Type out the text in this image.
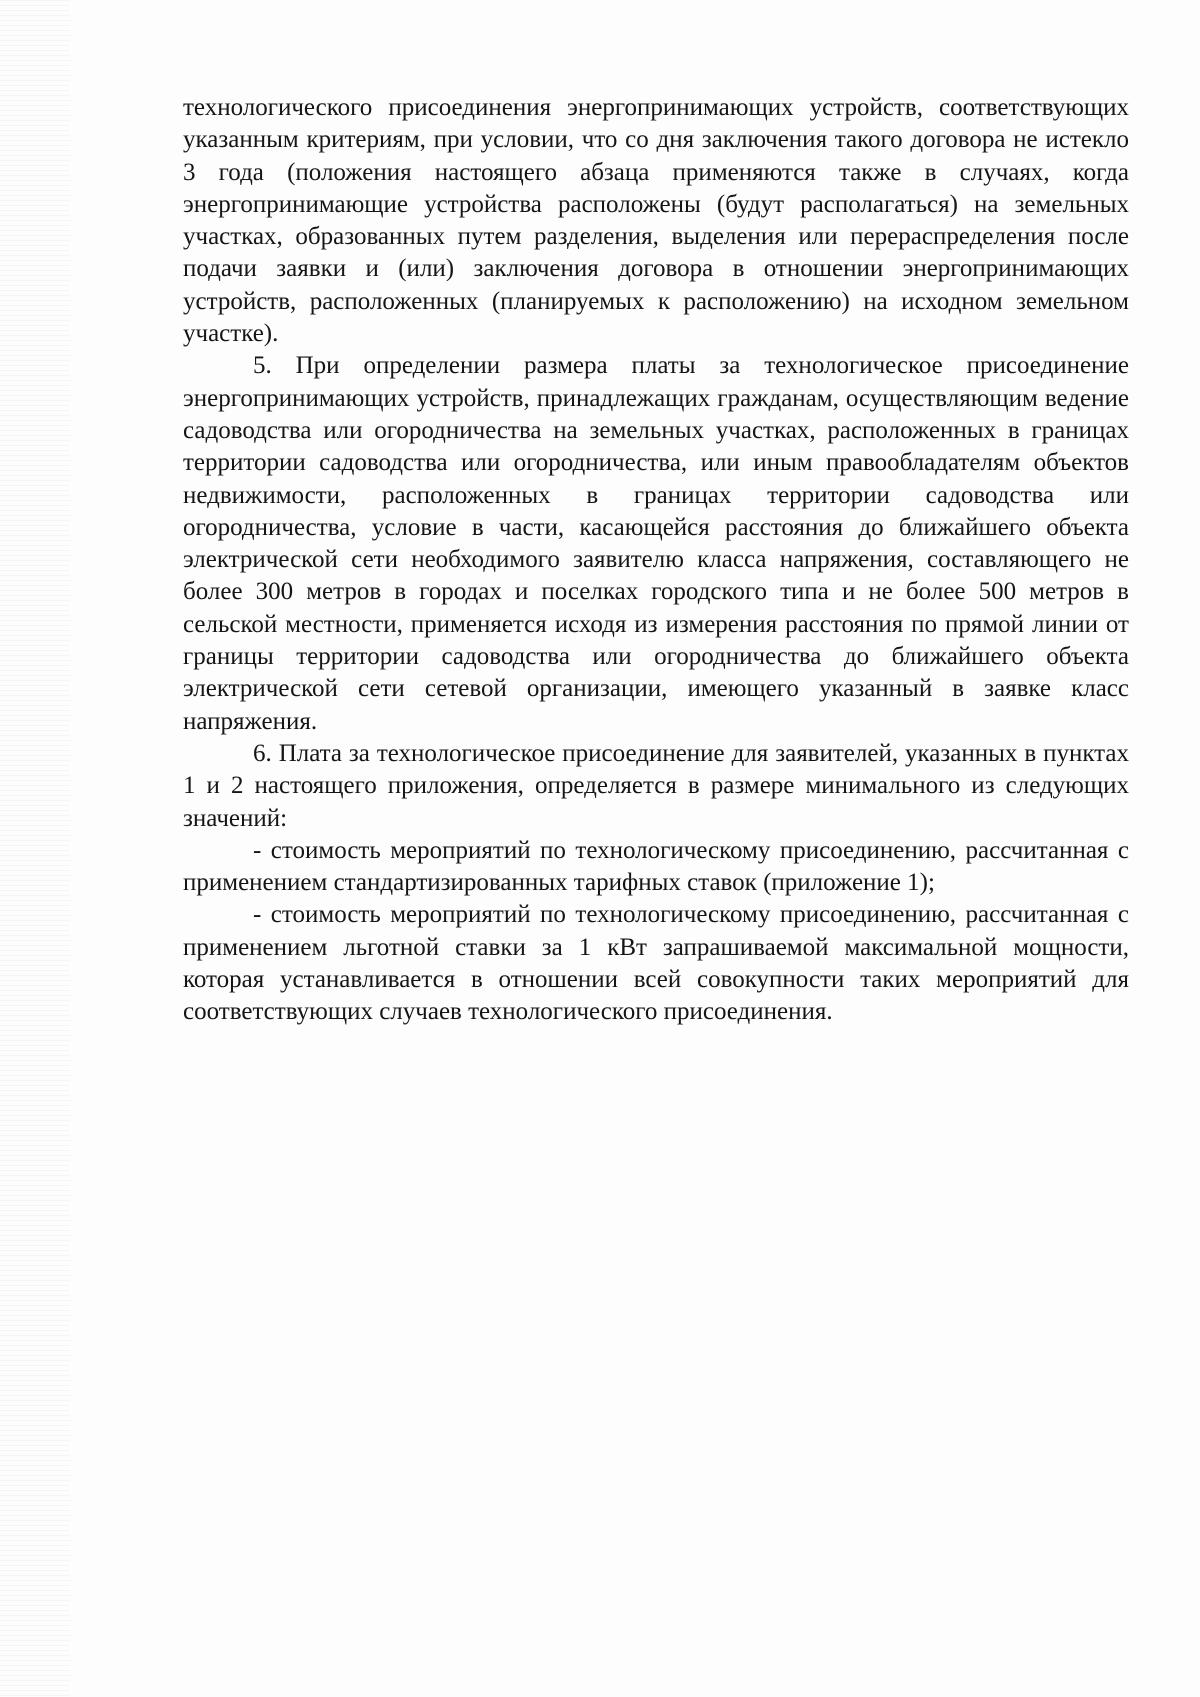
технологического присоединения энергопринимающих устройств, соответствующих указанным критериям, при условии, что со дня заключения такого договора не истекло 3 года (положения настоящего абзаца применяются также в случаях, когда энергопринимающие устройства расположены (будут располагаться) на земельных участках, образованных путем разделения, выделения или перераспределения после подачи заявки и (или) заключения договора в отношении энергопринимающих устройств, расположенных (планируемых к расположению) на исходном земельном участке).

5. При определении размера платы за технологическое присоединение энергопринимающих устройств, принадлежащих гражданам, осуществляющим ведение садоводства или огородничества на земельных участках, расположенных в границах территории садоводства или огородничества, или иным правообладателям объектов недвижимости, расположенных в границах территории садоводства или огородничества, условие в части, касающейся расстояния до ближайшего объекта электрической сети необходимого заявителю класса напряжения, составляющего не более 300 метров в городах и поселках городского типа и не более 500 метров в сельской местности, применяется исходя из измерения расстояния по прямой линии от границы территории садоводства или огородничества до ближайшего объекта электрической сети сетевой организации, имеющего указанный в заявке класс напряжения.

6. Плата за технологическое присоединение для заявителей, указанных в пунктах 1 и 2 настоящего приложения, определяется в размере минимального из следующих значений:

- стоимость мероприятий по технологическому присоединению, рассчитанная с применением стандартизированных тарифных ставок (приложение 1);

- стоимость мероприятий по технологическому присоединению, рассчитанная с применением льготной ставки за 1 кВт запрашиваемой максимальной мощности, которая устанавливается в отношении всей совокупности таких мероприятий для соответствующих случаев технологического присоединения.
